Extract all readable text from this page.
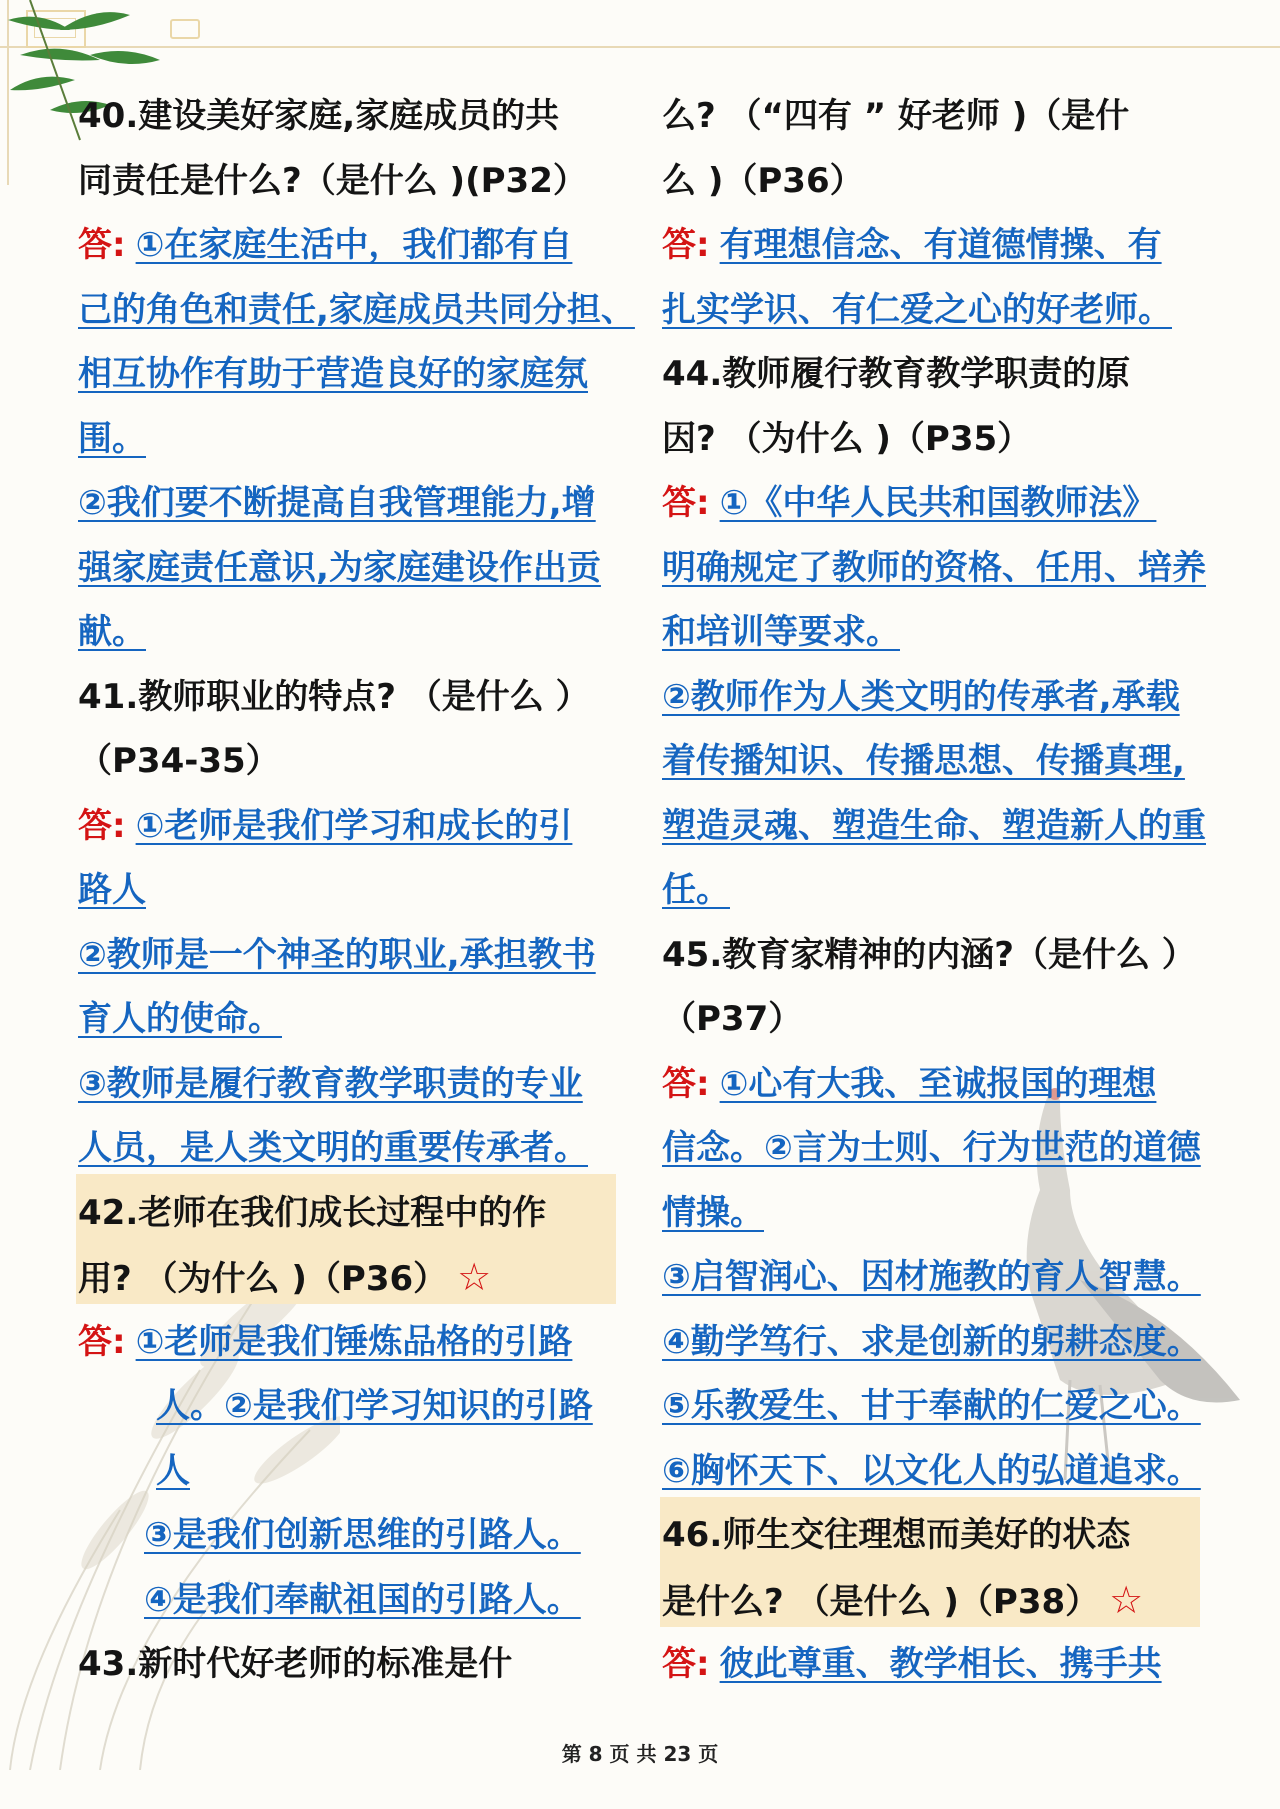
40.建设美好家庭,家庭成员的共
同责任是什么?（是什么 )(P32）
答: ①在家庭生活中，我们都有自
己的角色和责任,家庭成员共同分担、
相互协作有助于营造良好的家庭氛
围。
②我们要不断提高自我管理能力,增
强家庭责任意识,为家庭建设作出贡
献。
41.教师职业的特点? （是什么 ）
（P34-35）
答: ①老师是我们学习和成长的引
路人
②教师是一个神圣的职业,承担教书
育人的使命。
③教师是履行教育教学职责的专业
人员，是人类文明的重要传承者。
42.老师在我们成长过程中的作
用? （为什么 )（P36） ☆
答: ①老师是我们锤炼品格的引路
人。②是我们学习知识的引路
人
③是我们创新思维的引路人。
④是我们奉献祖国的引路人。
43.新时代好老师的标准是什
么? （“四有 ” 好老师 )（是什
么 )（P36）
答: 有理想信念、有道德情操、有
扎实学识、有仁爱之心的好老师。
44.教师履行教育教学职责的原
因? （为什么 )（P35）
答: ①《中华人民共和国教师法》
明确规定了教师的资格、任用、培养
和培训等要求。
②教师作为人类文明的传承者,承载
着传播知识、传播思想、传播真理,
塑造灵魂、塑造生命、塑造新人的重
任。
45.教育家精神的内涵?（是什么 ）
（P37）
答: ①心有大我、至诚报国的理想
信念。②言为士则、行为世范的道德
情操。
③启智润心、因材施教的育人智慧。
④勤学笃行、求是创新的躬耕态度。
⑤乐教爱生、甘于奉献的仁爱之心。
⑥胸怀天下、以文化人的弘道追求。
46.师生交往理想而美好的状态
是什么? （是什么 )（P38） ☆
答: 彼此尊重、教学相长、携手共
第 8 页 共 23 页
